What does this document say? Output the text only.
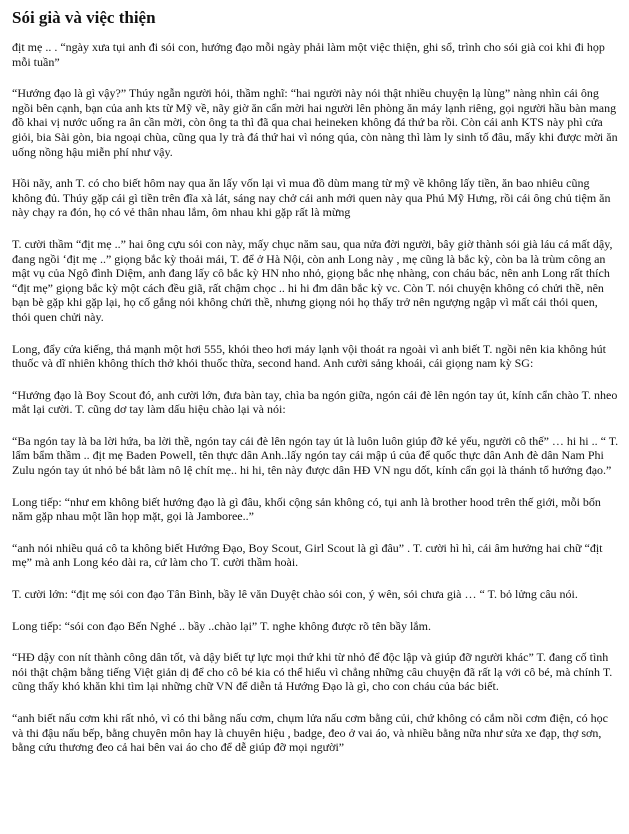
Sói già và việc thiện

địt mẹ .. . “ngày xưa tụi anh đi sói con, hướng đạo mỗi ngày phải làm một việc thiện, ghi sổ, trình cho sói già coi khi đi họp mỗi tuần”

“Hướng đạo là gì vậy?” Thúy ngẫn người hỏi, thầm nghĩ: “hai người này nói thật nhiều chuyện lạ lùng” nàng nhìn cái ông ngồi bên cạnh, bạn của anh kts từ Mỹ về, nãy giờ ăn cẩn mời hai người lên phòng ăn máy lạnh riêng, gọi người hầu bàn mang đồ khai vị nước uống ra ân cần mời, còn ông ta thì đã qua chai heineken không đá thứ ba rồi. Còn cái anh KTS này phì cửa giỏi, bia Sài gòn, bia ngoại chùa, cũng qua ly trà đá thứ hai vì nóng qúa, còn nàng thì làm ly sinh tố đâu, mấy khi được mời ăn uống nồng hậu miễn phí như vậy.

Hồi nãy, anh T. có cho biết hôm nay qua ăn lấy vốn lại vì mua đồ dùm mang từ mỹ về không lấy tiền, ăn bao nhiêu cũng không đủ. Thúy gặp cái gì tiền trên đĩa xà lát, sáng nay chở cái anh mới quen này qua Phú Mỹ Hưng, rồi cái ông chủ tiệm ăn này chạy ra đón, họ có vẻ thân nhau lắm, ôm nhau khi gặp rất là mừng

T. cười thầm “địt mẹ ..” hai ông cựu sói con này, mấy chục năm sau, qua nửa đời người, bây giờ thành sói già láu cá mất dậy, đang ngồi ‘địt mẹ ..” giọng bắc kỳ thoải mái, T. để ở Hà Nội, còn anh Long này , mẹ cũng là bắc kỳ, còn ba là trùm công an mật vụ của Ngô đình Diệm, anh đang lấy cô bắc kỳ HN nho nhỏ, giọng bắc nhẹ nhàng, con cháu bác, nên anh Long rất thích “địt mẹ” giọng bắc kỳ một cách đều giã, rất chậm chọc .. hi hi đm dân bắc kỳ vc. Còn T. nói chuyện không có chửi thề, nên bạn bè gặp khi gặp lại, họ cố gắng nói không chửi thề, nhưng giọng nói họ thấy trở nên ngượng ngập vì mất cái thói quen, thói quen chửi này.

Long, đẩy cửa kiếng, thả mạnh một hơi 555, khói theo hơi máy lạnh vội thoát ra ngoài vì anh biết T. ngồi nên kia không hút thuốc và dĩ nhiên không thích thở khói thuốc thừa, second hand. Anh cười sảng khoái, cái giọng nam kỳ SG:

“Hướng đạo là Boy Scout đó, anh cười lớn, đưa bàn tay, chìa ba ngón giữa, ngón cái đè lên ngón tay út, kính cẩn chào T. nheo mắt lại cười. T. cũng dơ tay làm dấu hiệu chào lại và nói:

“Ba ngón tay là ba lời hứa, ba lời thề, ngón tay cái đè lên ngón tay út là luôn luôn giúp đỡ kẻ yếu, người cô thế” … hi hi .. “ T. lẩm bẩm thầm .. địt mẹ Baden Powell, tên thực dân Anh..lấy ngón tay cái mập ú của để quốc thực dân Anh đè dân Nam Phi Zulu ngón tay út nhỏ bé bắt làm nô lệ chít mẹ.. hi hi, tên này được dân HĐ VN ngu dốt, kính cẩn gọi là thánh tổ hướng đạo.”

Long tiếp: “như em không biết hướng đạo là gì đâu, khối cộng sản không có, tụi anh là brother hood trên thế giới, mỗi bốn năm gặp nhau một lần họp mặt, gọi là Jamboree..”

“anh nói nhiều quá cô ta không biết Hướng Đạo, Boy Scout, Girl Scout là gì đâu” . T. cười hì hì, cái âm hưởng hai chữ “địt mẹ” mà anh Long kéo dài ra, cứ làm cho T. cười thầm hoài.

T. cười lớn: “địt mẹ sói con đạo Tân Bình, bầy lê văn Duyệt chào sói con, ý wên, sói chưa già … “ T. bỏ lửng câu nói.

Long tiếp: “sói con đạo Bến Nghé .. bầy ..chào lại” T. nghe không được rõ tên bầy lắm.

“HĐ dậy con nít thành công dân tốt, và dậy biết tự lực mọi thứ khi từ nhỏ để độc lập và giúp đỡ người khác” T. đang cố tình nói thật chậm bằng tiếng Việt giản dị để cho cô bé kia có thể hiểu vì chẳng những câu chuyện đã rất lạ với cô bé, mà chính T. cũng thấy khó khăn khi tìm lại những chữ VN để diễn tả Hướng Đạo là gì, cho con cháu của bác biết.

“anh biết nấu cơm khi rất nhỏ, vì có thi bằng nấu cơm, chụm lửa nấu cơm bằng củi, chứ không có cắm nồi cơm điện, có học và thi đậu nấu bếp, bằng chuyên môn hay là chuyên hiệu , badge, đeo ở vai áo, và nhiều bằng nữa như sửa xe đạp, thợ sơn, bằng cứu thương đeo cả hai bên vai áo cho để dễ giúp đỡ mọi người”
